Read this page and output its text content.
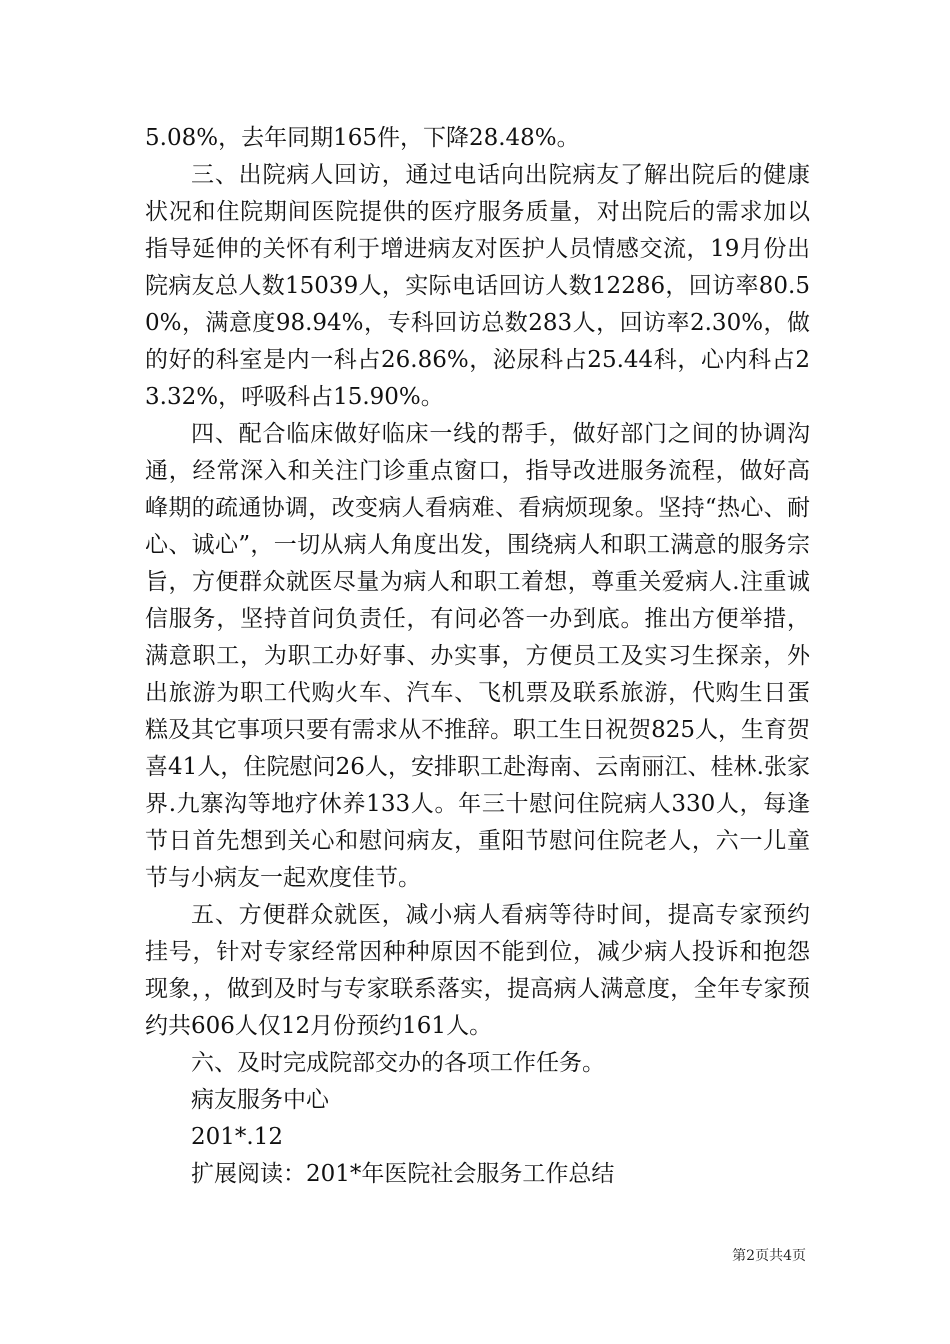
5.08%，去年同期165件，下降28.48%。

三、出院病人回访，通过电话向出院病友了解出院后的健康状况和住院期间医院提供的医疗服务质量，对出院后的需求加以指导延伸的关怀有利于增进病友对医护人员情感交流，19月份出院病友总人数15039人，实际电话回访人数12286，回访率80.50%，满意度98.94%，专科回访总数283人，回访率2.30%，做的好的科室是内一科占26.86%，泌尿科占25.44科，心内科占23.32%，呼吸科占15.90%。

四、配合临床做好临床一线的帮手，做好部门之间的协调沟通，经常深入和关注门诊重点窗口，指导改进服务流程，做好高峰期的疏通协调，改变病人看病难、看病烦现象。坚持“热心、耐心、诚心”，一切从病人角度出发，围绕病人和职工满意的服务宗旨，方便群众就医尽量为病人和职工着想，尊重关爱病人.注重诚信服务，坚持首问负责任，有问必答一办到底。推出方便举措，满意职工，为职工办好事、办实事，方便员工及实习生探亲，外出旅游为职工代购火车、汽车、飞机票及联系旅游，代购生日蛋糕及其它事项只要有需求从不推辞。职工生日祝贺825人，生育贺喜41人，住院慰问26人，安排职工赴海南、云南丽江、桂林.张家界.九寨沟等地疗休养133人。年三十慰问住院病人330人，每逢节日首先想到关心和慰问病友，重阳节慰问住院老人，六一儿童节与小病友一起欢度佳节。

五、方便群众就医，减小病人看病等待时间，提高专家预约挂号，针对专家经常因种种原因不能到位，减少病人投诉和抱怨现象，，做到及时与专家联系落实，提高病人满意度，全年专家预约共606人仅12月份预约161人。

六、及时完成院部交办的各项工作任务。

病友服务中心

201*.12

扩展阅读：201*年医院社会服务工作总结

第2页共4页
